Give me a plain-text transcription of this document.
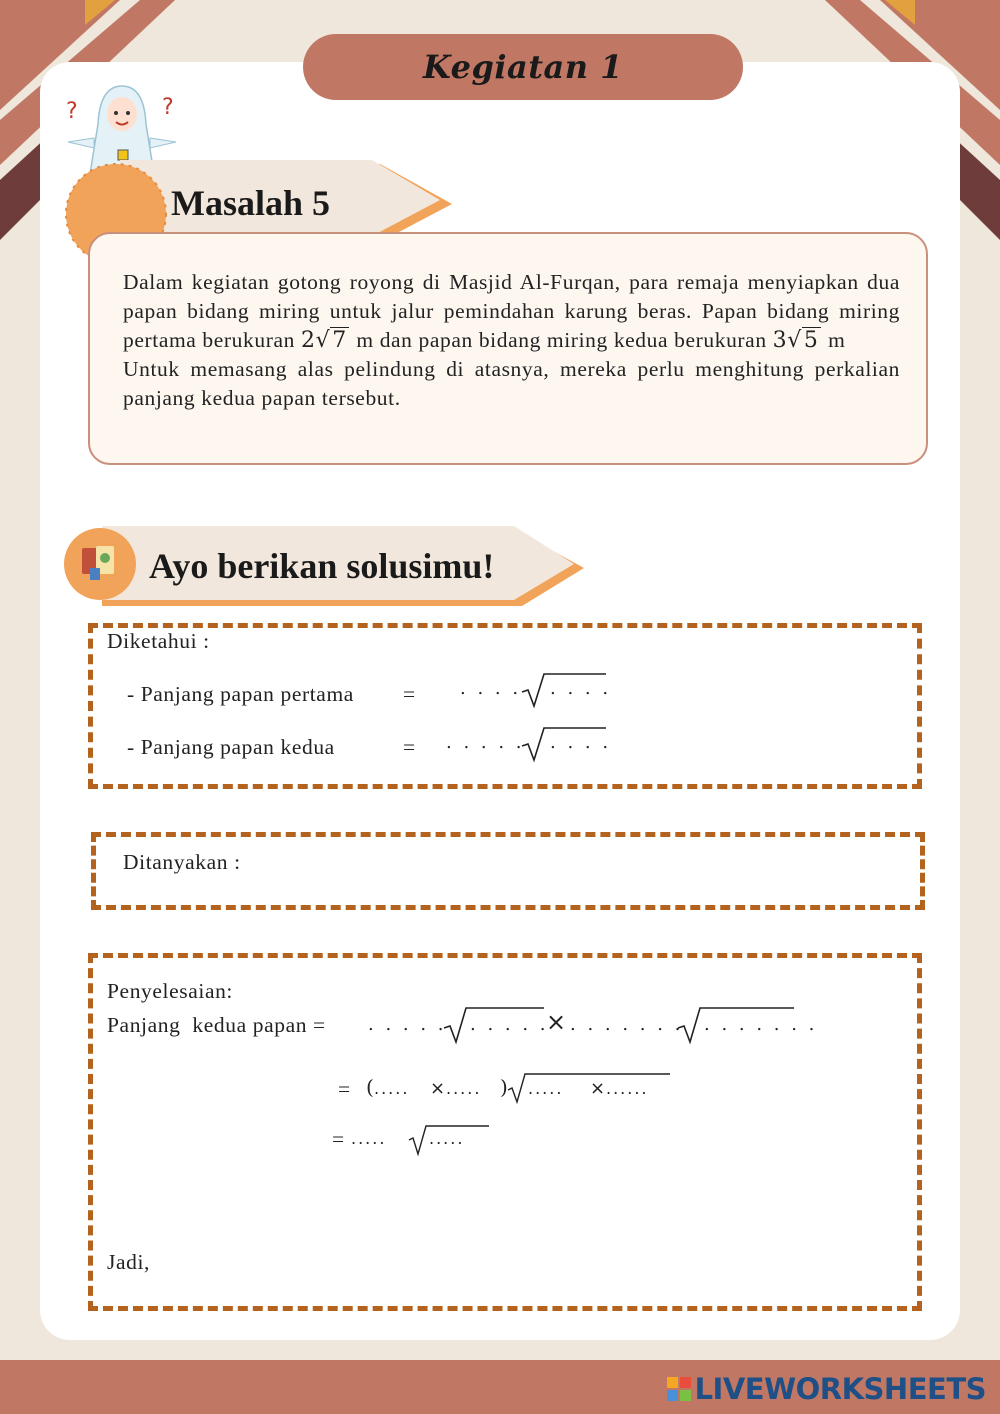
Kegiatan 1
?	?
Masalah 5
Dalam kegiatan gotong royong di Masjid Al-Furqan, para remaja menyiapkan dua papan bidang miring untuk jalur pemindahan karung beras. Papan bidang miring pertama berukuran 2√7 m dan papan bidang miring kedua berukuran 3√5 m
Untuk memasang alas pelindung di atasnya, mereka perlu menghitung perkalian panjang kedua papan tersebut.
Ayo berikan solusimu!
Diketahui :
- Panjang papan pertama = . . . . . . . .
- Panjang papan kedua	= . . . . . . . . .
Ditanyakan :
Penyelesaian:
Panjang  kedua papan = . . . . . . . . . .
× . . . . . . . . . . . . . .
= ( ..... × ..... ) ..... × ......
= .....	.....
Jadi,
LIVEWORKSHEETS
